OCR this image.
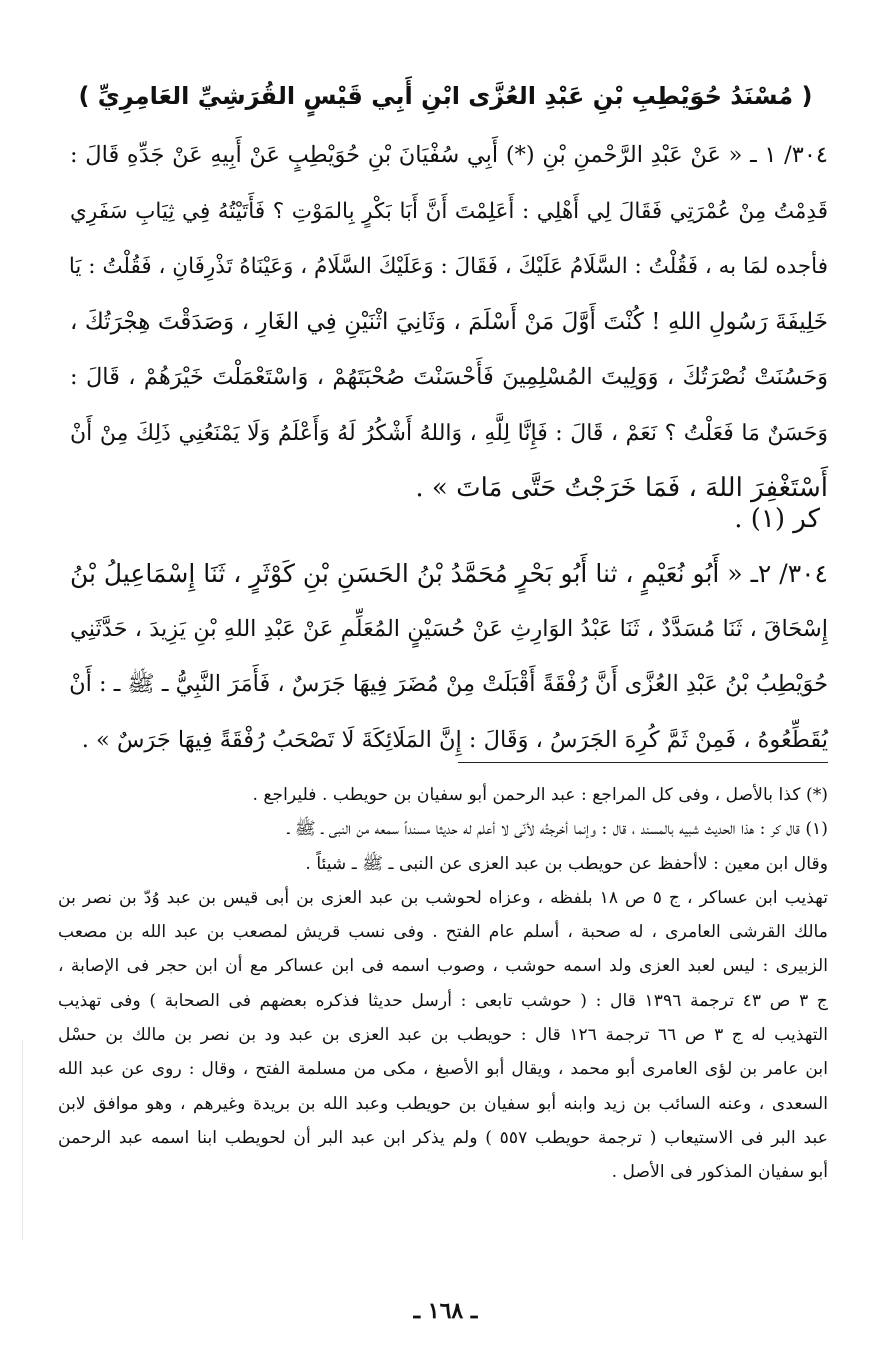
( مُسْنَدُ حُوَيْطِبِ بْنِ عَبْدِ العُزَّى ابْنِ أَبِي قَيْسٍ القُرَشِيِّ العَامِرِيِّ )

٣٠٤/ ١ ـ « عَنْ عَبْدِ الرَّحْمنِ بْنِ (*) أَبِي سُفْيَانَ بْنِ حُوَيْطِبٍ عَنْ أَبِيهِ عَنْ جَدِّهِ قَالَ :

قَدِمْتُ مِنْ عُمْرَتِي فَقَالَ لِي أَهْلِي : أَعَلِمْتَ أَنَّ أَبَا بَكْرٍ بِالمَوْتِ ؟ فَأَتَيْتُهُ فِي ثِيَابِ سَفَرِي

فأجده لمَا به ، فَقُلْتُ : السَّلَامُ عَلَيْكَ ، فَقَالَ : وَعَلَيْكَ السَّلَامُ ، وَعَيْنَاهُ تَذْرِفَانِ ، فَقُلْتُ : يَا

خَلِيفَةَ رَسُولِ اللهِ ! كُنْتَ أَوَّلَ مَنْ أَسْلَمَ ، وَثَانِيَ اثْنَيْنِ فِي الغَارِ ، وَصَدَقْتَ هِجْرَتُكَ ،

وَحَسُنَتْ نُصْرَتُكَ ، وَوَلِيتَ المُسْلِمِينَ فَأَحْسَنْتَ صُحْبَتَهُمْ ، وَاسْتَعْمَلْتَ خَيْرَهُمْ ، قَالَ :

وَحَسَنٌ مَا فَعَلْتُ ؟ نَعَمْ ، قَالَ : فَإِنَّا لِلَّهِ ، وَاللهُ أَشْكُرُ لَهُ وَأَعْلَمُ وَلَا يَمْنَعُنِي ذَلِكَ مِنْ أَنْ

أَسْتَغْفِرَ اللهَ ، فَمَا خَرَجْتُ حَتَّى مَاتَ » .

كر (١) .

٣٠٤/ ٢ـ « أَبُو نُعَيْمٍ ، ثنا أَبُو بَحْرٍ مُحَمَّدُ بْنُ الحَسَنِ بْنِ كَوْثَرٍ ، ثَنَا إِسْمَاعِيلُ بْنُ

إِسْحَاقَ ، ثَنَا مُسَدَّدٌ ، ثَنَا عَبْدُ الوَارِثِ عَنْ حُسَيْنٍ المُعَلِّمِ عَنْ عَبْدِ اللهِ بْنِ يَزِيدَ ، حَدَّثَنِي

حُوَيْطِبُ بْنُ عَبْدِ العُزَّى أَنَّ رُفْقَةً أَقْبَلَتْ مِنْ مُضَرَ فِيهَا جَرَسٌ ، فَأَمَرَ النَّبِيُّ ـ ﷺ ـ : أَنْ

يُقَطِّعُوهُ ، فَمِنْ ثَمَّ كُرِهَ الجَرَسُ ، وَقَالَ : إِنَّ المَلَائِكَةَ لَا تَصْحَبُ رُفْقَةً فِيهَا جَرَسٌ » .

(*) كذا بالأصل ، وفى كل المراجع : عبد الرحمن أبو سفيان بن حويطب . فليراجع .

(١) قال كر : هذا الحديث شبيه بالمسند ، قال : وإنما أخرجتُه لأنّى لا أعلم له حديثا مسنداً سمعه من النبى ـ ﷺ ـ

وقال ابن معين : لاأحفظ عن حويطب بن عبد العزى عن النبى ـ ﷺ ـ شيئاً .

تهذيب ابن عساكر ، ج ٥ ص ١٨ بلفظه ، وعزاه لحوشب بن عبد العزى بن أبى قيس بن عبد وُدّ بن نصر بن

مالك القرشى العامرى ، له صحبة ، أسلم عام الفتح . وفى نسب قريش لمصعب بن عبد الله بن مصعب

الزبيرى : ليس لعبد العزى ولد اسمه حوشب ، وصوب اسمه فى ابن عساكر مع أن ابن حجر فى الإصابة ،

ج ٣ ص ٤٣ ترجمة ١٣٩٦ قال : ( حوشب تابعى : أرسل حديثا فذكره بعضهم فى الصحابة ) وفى تهذيب

التهذيب له ج ٣ ص ٦٦ ترجمة ١٢٦ قال : حويطب بن عبد العزى بن عبد ود بن نصر بن مالك بن حسْل

ابن عامر بن لؤى العامرى أبو محمد ، ويقال أبو الأصبغ ، مكى من مسلمة الفتح ، وقال : روى عن عبد الله

السعدى ، وعنه السائب بن زيد وابنه أبو سفيان بن حويطب وعبد الله بن بريدة وغيرهم ، وهو موافق لابن

عبد البر فى الاستيعاب ( ترجمة حويطب ٥٥٧ ) ولم يذكر ابن عبد البر أن لحويطب ابنا اسمه عبد الرحمن

أبو سفيان المذكور فى الأصل .

ـ ١٦٨ ـ
